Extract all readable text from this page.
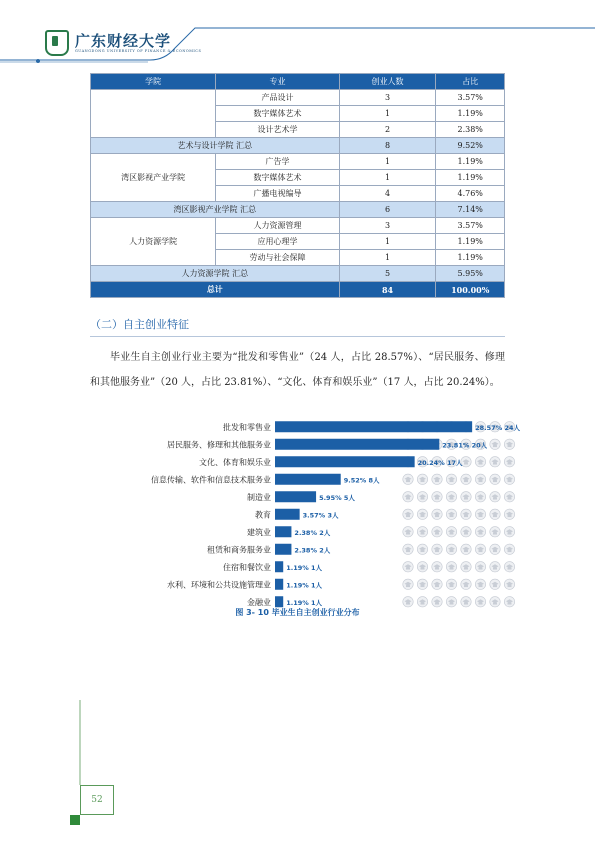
广东财经大学
GUANGDONG UNIVERSITY OF FINANCE & ECONOMICS
学院	专业	创业人数	占比
	产品设计	3	3.57%
	数字媒体艺术	1	1.19%
	设计艺术学	2	2.38%
艺术与设计学院 汇总		8	9.52%
湾区影视产业学院	广告学	1	1.19%
	数字媒体艺术	1	1.19%
	广播电视编导	4	4.76%
湾区影视产业学院 汇总		6	7.14%
人力资源学院	人力资源管理	3	3.57%
	应用心理学	1	1.19%
	劳动与社会保障	1	1.19%
人力资源学院 汇总		5	5.95%
总计		84	100.00%
（二）自主创业特征
毕业生自主创业行业主要为“批发和零售业”（24 人，占比 28.57%）、“居民服务、修理和其他服务业”（20 人，占比 23.81%）、“文化、体育和娱乐业”（17 人，占比 20.24%）。
批发和零售业	28.57% 24人
居民服务、修理和其他服务业	23.81% 20人
文化、体育和娱乐业	20.24% 17人
信息传输、软件和信息技术服务业	9.52% 8人
制造业	5.95% 5人
教育	3.57% 3人
建筑业	2.38% 2人
租赁和商务服务业	2.38% 2人
住宿和餐饮业 1.19% 1人
水利、环境和公共设施管理业 1.19% 1人
金融业 1.19% 1人
图 3- 10 毕业生自主创业行业分布
52
